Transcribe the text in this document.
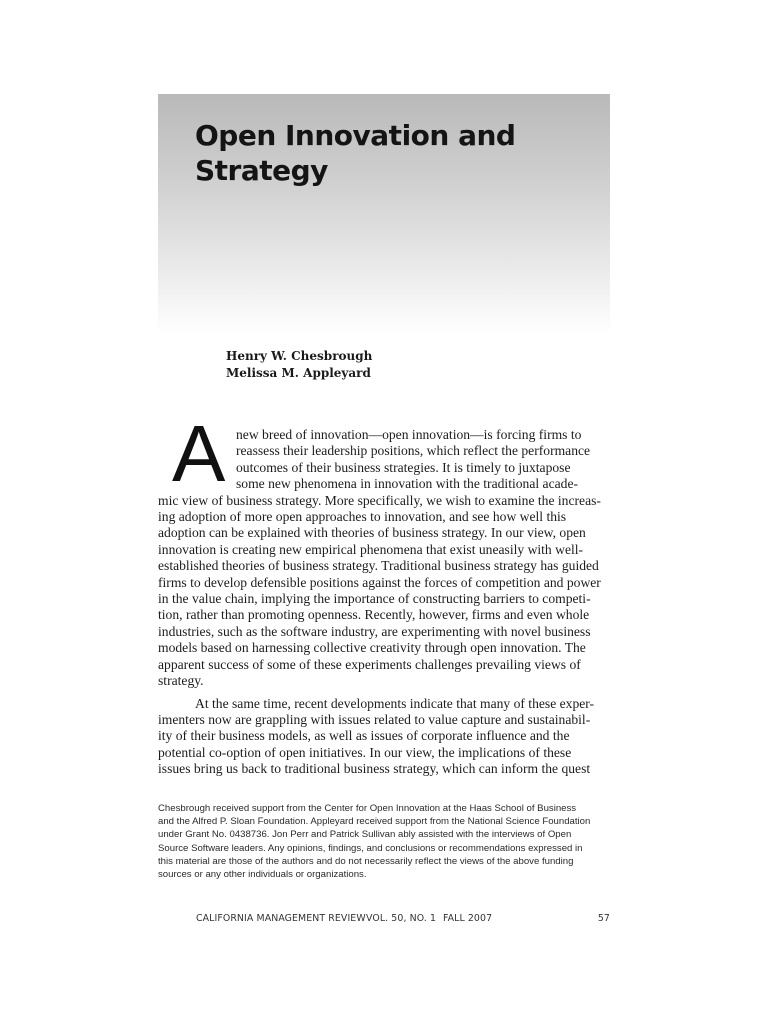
Open Innovation and
Strategy
Henry W. Chesbrough
Melissa M. Appleyard
A new breed of innovation—open innovation—is forcing firms to
reassess their leadership positions, which reflect the performance
outcomes of their business strategies. It is timely to juxtapose
some new phenomena in innovation with the traditional acade-
mic view of business strategy. More specifically, we wish to examine the increas-
ing adoption of more open approaches to innovation, and see how well this
adoption can be explained with theories of business strategy. In our view, open
innovation is creating new empirical phenomena that exist uneasily with well-
established theories of business strategy. Traditional business strategy has guided
firms to develop defensible positions against the forces of competition and power
in the value chain, implying the importance of constructing barriers to competi-
tion, rather than promoting openness. Recently, however, firms and even whole
industries, such as the software industry, are experimenting with novel business
models based on harnessing collective creativity through open innovation. The
apparent success of some of these experiments challenges prevailing views of
strategy.
At the same time, recent developments indicate that many of these exper-
imenters now are grappling with issues related to value capture and sustainabil-
ity of their business models, as well as issues of corporate influence and the
potential co-option of open initiatives. In our view, the implications of these
issues bring us back to traditional business strategy, which can inform the quest
Chesbrough received support from the Center for Open Innovation at the Haas School of Business
and the Alfred P. Sloan Foundation. Appleyard received support from the National Science Foundation
under Grant No. 0438736. Jon Perr and Patrick Sullivan ably assisted with the interviews of Open
Source Software leaders. Any opinions, findings, and conclusions or recommendations expressed in
this material are those of the authors and do not necessarily reflect the views of the above funding
sources or any other individuals or organizations.
CALIFORNIA MANAGEMENT REVIEW VOL. 50, NO. 1 FALL 2007	57
